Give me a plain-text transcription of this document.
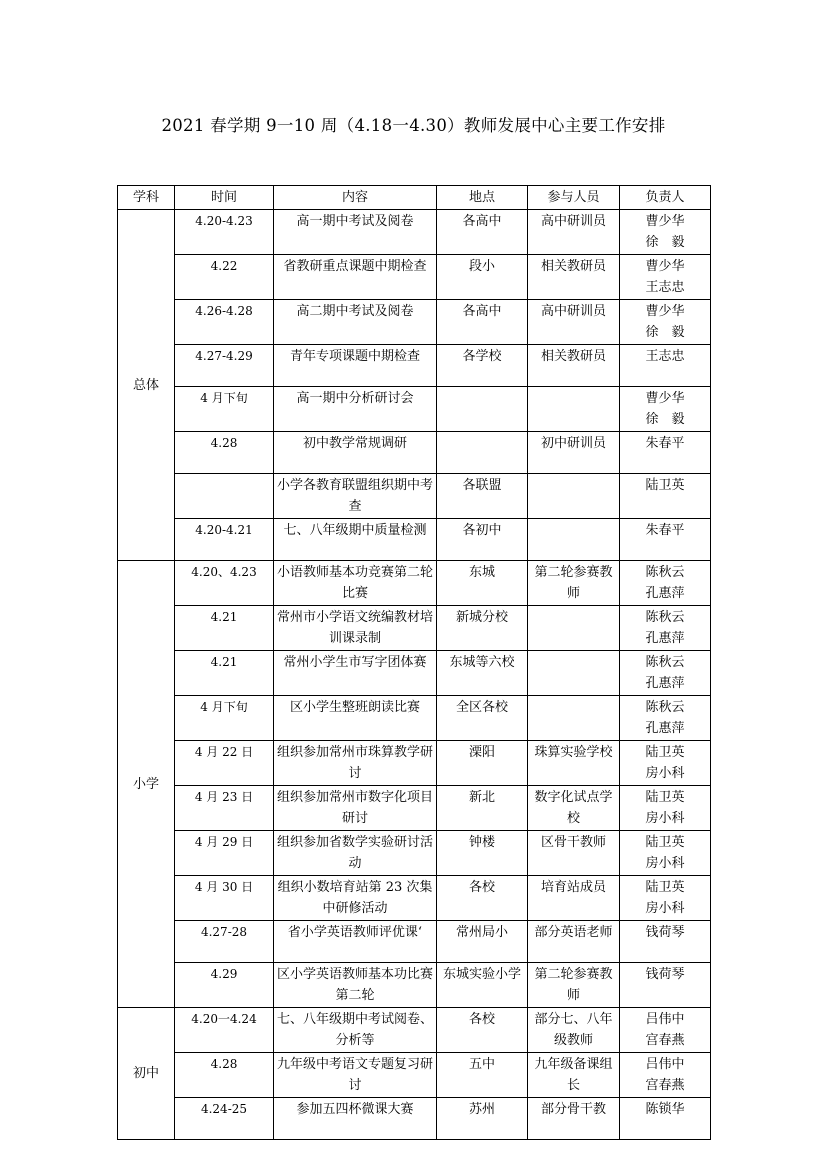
2021 春学期 9一10 周（4.18一4.30）教师发展中心主要工作安排
学科	时间	内容	地点	参与人员	负责人
总体	4.20-4.23	高一期中考试及阅卷	各高中	高中研训员	曹少华
徐　毅

	4.22	省教研重点课题中期检查	段小	相关教研员	曹少华
王志忠

	4.26-4.28	高二期中考试及阅卷	各高中	高中研训员	曹少华
徐　毅

	4.27-4.29	青年专项课题中期检查	各学校	相关教研员	王志忠

	4 月下旬	高一期中分析研讨会			曹少华
徐　毅

	4.28	初中教学常规调研		初中研训员	朱春平

		小学各教育联盟组织期中考查	各联盟		陆卫英

	4.20-4.21	七、八年级期中质量检测	各初中		朱春平

小学	4.20、4.23	小语教师基本功竞赛第二轮比赛	东城	第二轮参赛教师	陈秋云
孔惠萍

	4.21	常州市小学语文统编教材培训课录制	新城分校		陈秋云
孔惠萍

	4.21	常州小学生市写字团体赛	东城等六校		陈秋云
孔惠萍

	4 月下旬	区小学生整班朗读比赛	全区各校		陈秋云
孔惠萍

	4 月 22 日	组织参加常州市珠算教学研讨	溧阳	珠算实验学校	陆卫英
房小科

	4 月 23 日	组织参加常州市数字化项目研讨	新北	数字化试点学校	陆卫英
房小科

	4 月 29 日	组织参加省数学实验研讨活动	钟楼	区骨干教师	陆卫英
房小科

	4 月 30 日	组织小数培育站第 23 次集中研修活动	各校	培育站成员	陆卫英
房小科

	4.27-28	省小学英语教师评优课‘	常州局小	部分英语老师	钱荷琴

	4.29	区小学英语教师基本功比赛第二轮	东城实验小学	第二轮参赛教师	钱荷琴

初中	4.20一4.24	七、八年级期中考试阅卷、分析等	各校	部分七、八年级教师	吕伟中
宫春燕

	4.28	九年级中考语文专题复习研讨	五中	九年级备课组长	吕伟中
宫春燕

	4.24-25	参加五四杯微课大赛	苏州	部分骨干教	陈锁华
